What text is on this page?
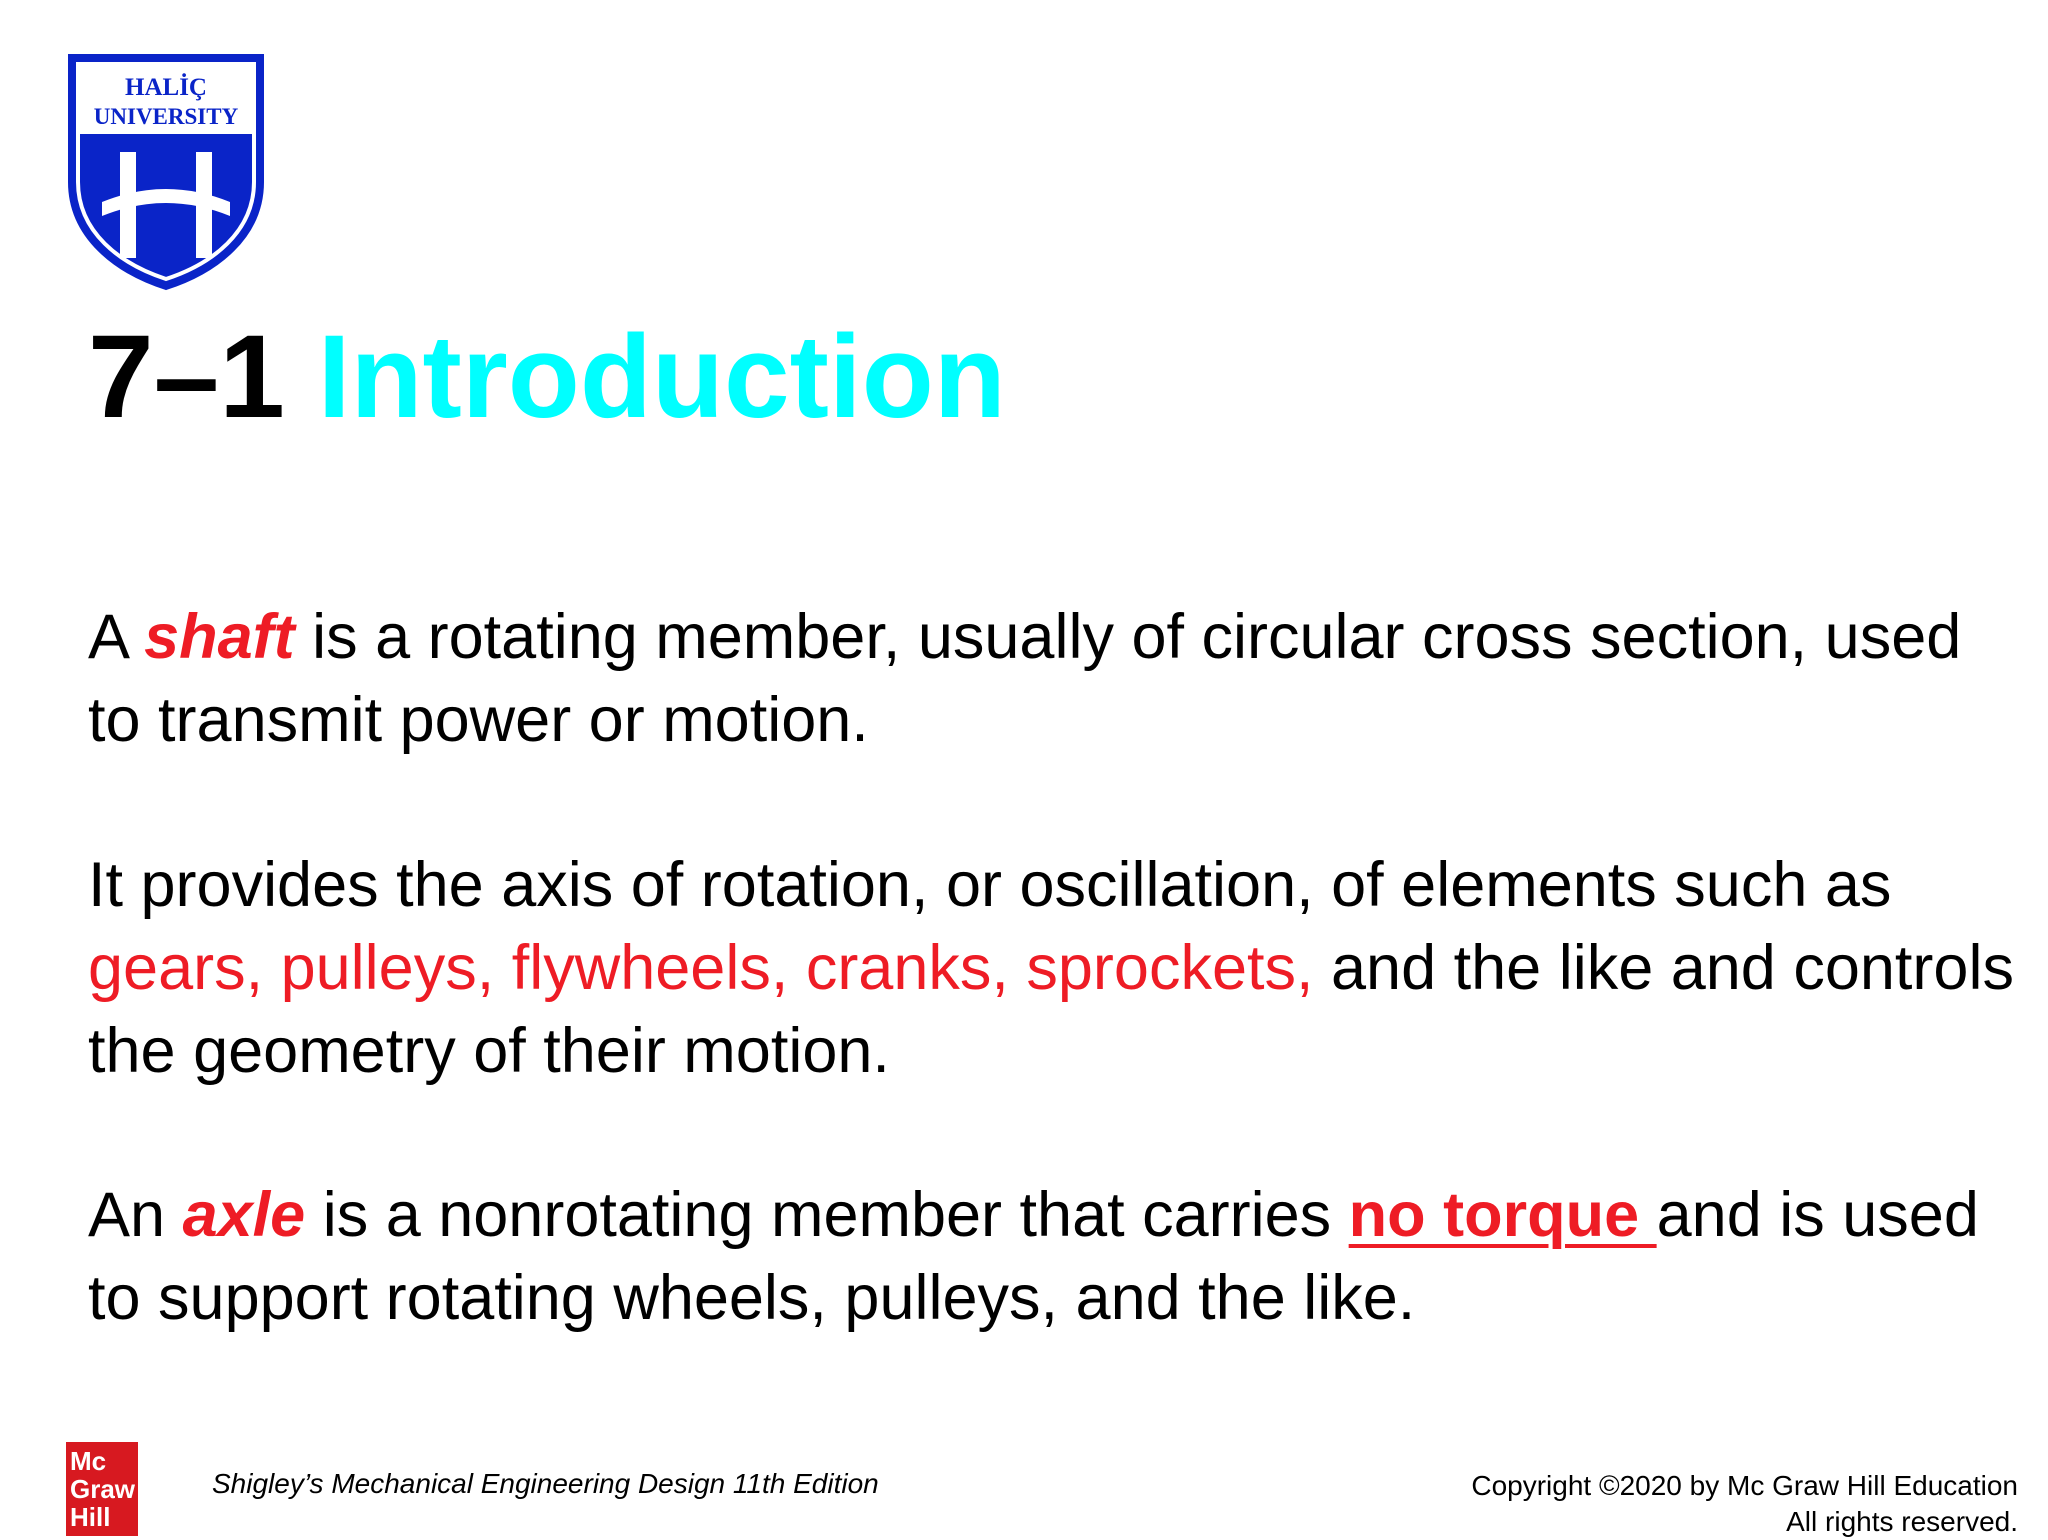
HALİÇ
UNIVERSITY
7–1 Introduction

A shaft is a rotating member, usually of circular cross section, used to transmit power or motion.

It provides the axis of rotation, or oscillation, of elements such as gears, pulleys, flywheels, cranks, sprockets, and the like and controls the geometry of their motion.

An axle is a nonrotating member that carries no torque and is used to support rotating wheels, pulleys, and the like.

Mc
Graw
Hill
Shigley’s Mechanical Engineering Design 11th Edition	Copyright ©2020 by Mc Graw Hill Education
All rights reserved.
